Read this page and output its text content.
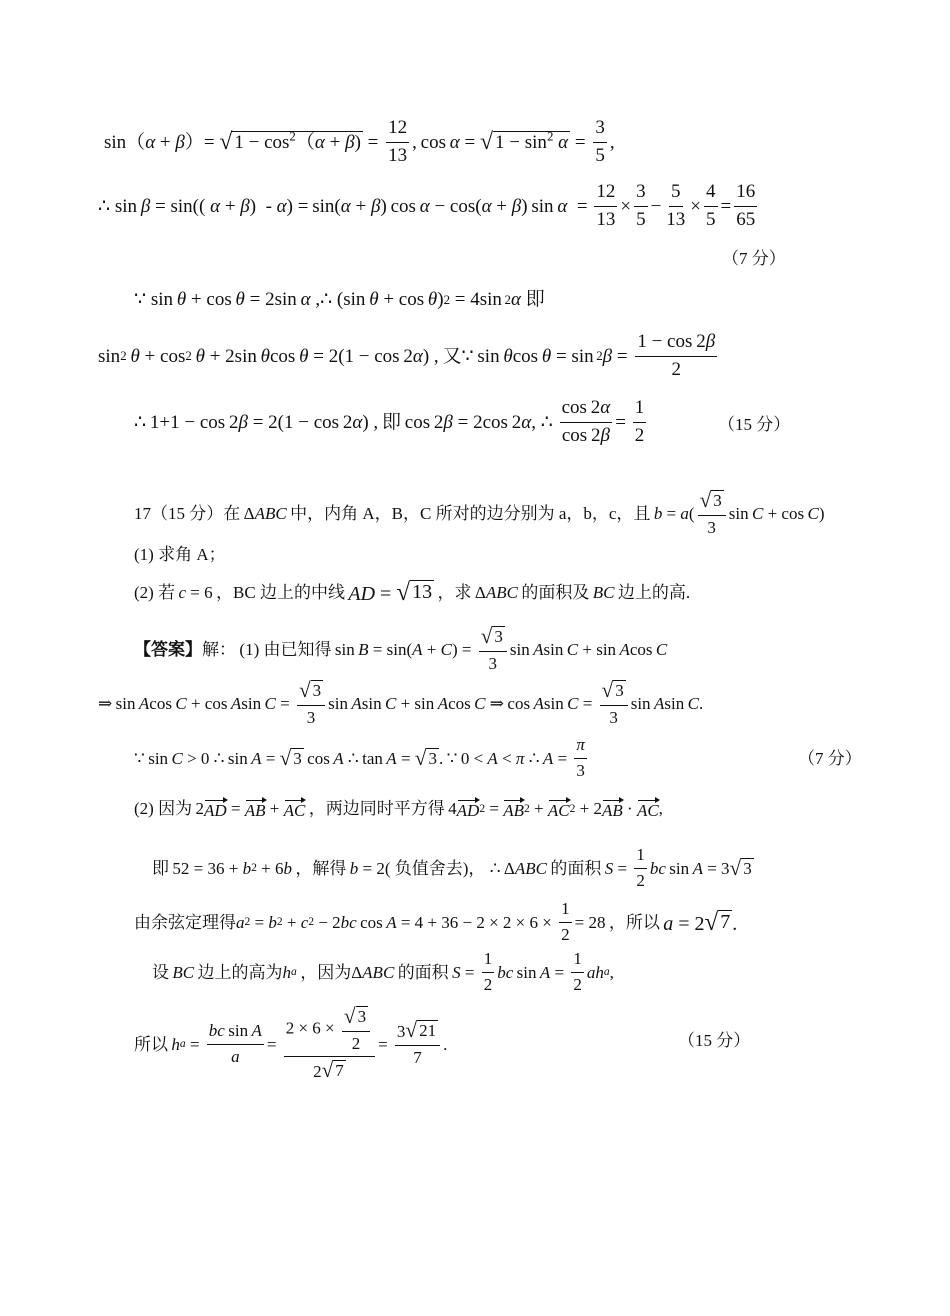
sin（ α + β ）= √ $1 - \cos^2(\alpha + \beta) = \frac{12}{13}$ , cos  α = √ $1 - \sin^2 \alpha = \frac{3}{5}$ ,
∴ sin  β = sin(( α + β )  - α ) = sin( α + β ) cos  α − cos( α + β ) $\sin \alpha = \frac{12}{13} \times \frac{3}{5} - \frac{5}{13} \times \frac{4}{5} = \frac{16}{65}$
（7 分）
∵ sin  θ + cos  θ = 2sin  α ,∴ (sin  θ + cos  θ ) 2 = 4sin  2 α
即
sin 2
  θ + cos 2
  θ + 2sin  θ cos  θ = 2(1 − cos 2 α ) ,  又 ∵ sin  θ cos  θ = sin  2 $\beta = \frac{1 - \cos 2\beta}{2}$
∴ 1+1 − cos 2 β = 2(1 − cos 2 α ) ,  即  cos 2 β = 2cos 2 α , ∴  $\frac{\cos 2\alpha}{\cos 2\beta} = \frac{1}{2}$	（15 分）
17（15 分）在  Δ ABC
  中，内角 A，B，C 所对的边分别为 a，b，c，且
  b = a ( $\frac{√ 3}{3}$ sin  C + cos  C )
(1) 求角 A；
(2) 若
  c = 6  ，BC 边上的中线
  AD = √ 13
  ，求  Δ ABC
  的面积及
  BC
  边上的高.
【答案】 解：
  (1) 由已知得  sin  B = sin( A + C ) = $\frac{√ 3}{3}$ sin  A sin  C + sin  A cos  C
⇒ sin  A cos  C + cos  A $\sin C = \frac{√ 3}{3}$ sin  A sin  C + sin  A cos  C ⇒ cos  A $\sin C = \frac{√ 3}{3}$ sin  A sin  C .
∵ sin  C > 0 ∴ sin  A = √ 3  cos  A ∴ tan  A = √ 3 . ∵ 0 < A < π ∴  $A = \frac{\pi}{3}$	（7 分）
(2) 因为  2 AD = AB + AC
  ，两边同时平方得  4 AD 2 = AB 2 + AC 2 + 2 AB · AC ,
即  52 = 36 + b 2 + 6 b
  ，解得
  b = 2 ( 负值舍去)， ∴ Δ ABC
  的面积
  $S = \frac{1}{2}$ bc  sin  A = 3 √ 3
由余弦定理得 a 2 = b 2 + c 2 − 2 bc  $\cos A = 4 + 36 - 2 \times 2 \times 6 \times \frac{1}{2} = 28$  ，所以
  a = 2 √ 7 .
设
  BC
  边上的高为 h a
  ，因为 Δ ABC
  的面积
  $S = \frac{1}{2}$ bc  $\sin A = \frac{1}{2}$ ah a ,
所以
  h $a = \frac{\text{bc sin A}}{a} = \frac{2 \times 6 \times \frac{√ 3}{2}}{2 √ 7} = \frac{3 √ 21}{7}$ .	（15 分）
